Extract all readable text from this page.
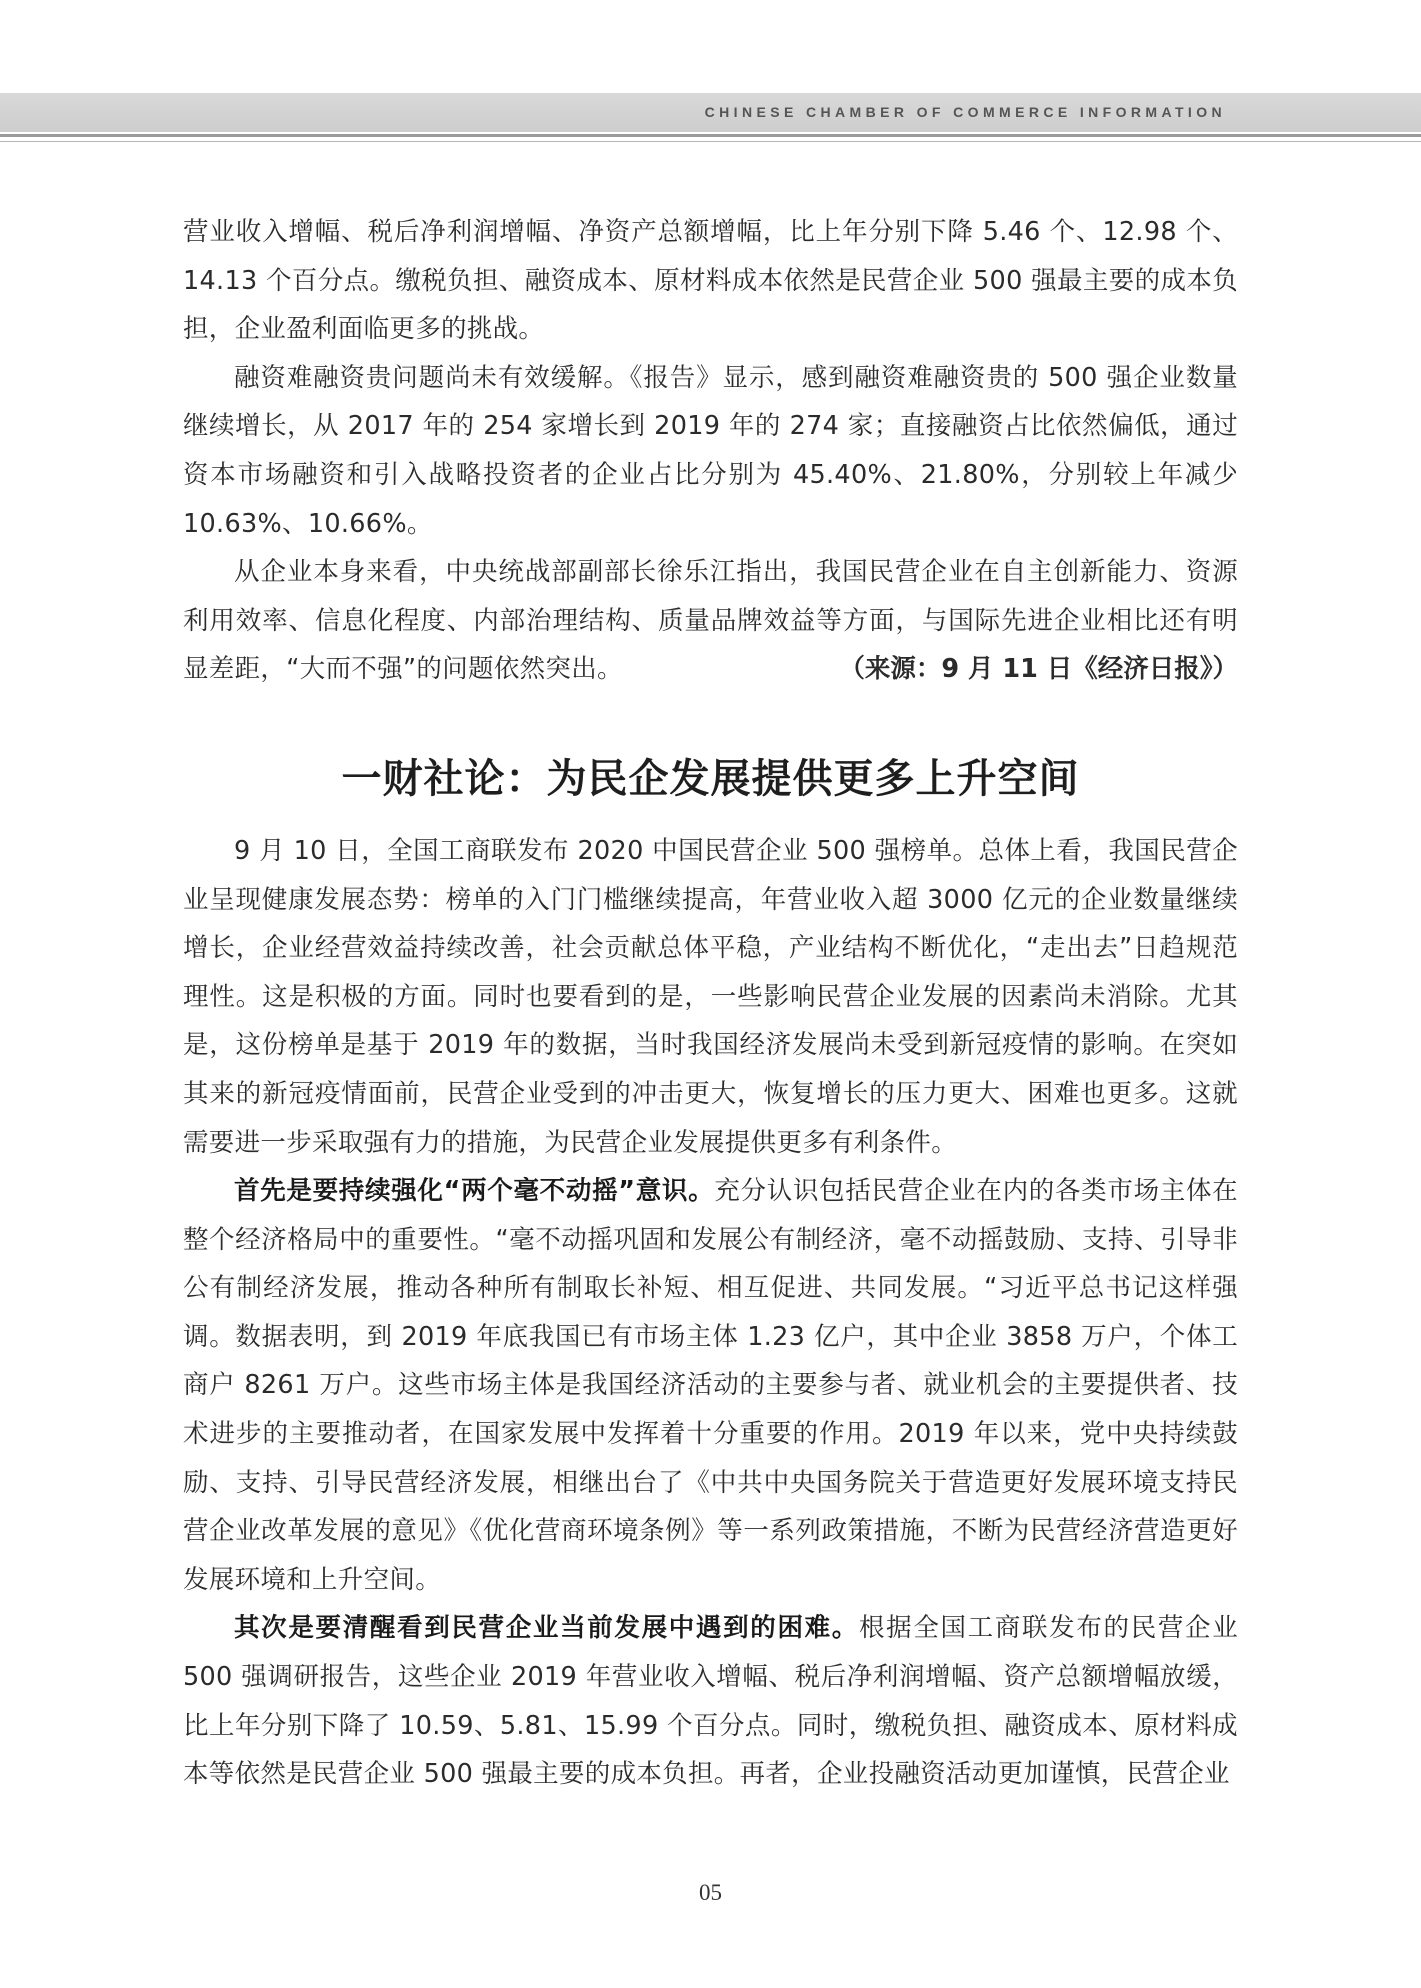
CHINESE CHAMBER OF COMMERCE INFORMATION

营业收入增幅、税后净利润增幅、净资产总额增幅，比上年分别下降 5.46 个、12.98 个、14.13 个百分点。缴税负担、融资成本、原材料成本依然是民营企业 500 强最主要的成本负担，企业盈利面临更多的挑战。

融资难融资贵问题尚未有效缓解。《报告》显示，感到融资难融资贵的 500 强企业数量继续增长，从 2017 年的 254 家增长到 2019 年的 274 家；直接融资占比依然偏低，通过资本市场融资和引入战略投资者的企业占比分别为 45.40%、21.80%，分别较上年减少 10.63%、10.66%。

从企业本身来看，中央统战部副部长徐乐江指出，我国民营企业在自主创新能力、资源利用效率、信息化程度、内部治理结构、质量品牌效益等方面，与国际先进企业相比还有明显差距，“大而不强”的问题依然突出。	（来源：9 月 11 日《经济日报》）
一财社论：为民企发展提供更多上升空间

9 月 10 日，全国工商联发布 2020 中国民营企业 500 强榜单。总体上看，我国民营企业呈现健康发展态势：榜单的入门门槛继续提高，年营业收入超 3000 亿元的企业数量继续增长，企业经营效益持续改善，社会贡献总体平稳，产业结构不断优化，“走出去”日趋规范理性。这是积极的方面。同时也要看到的是，一些影响民营企业发展的因素尚未消除。尤其是，这份榜单是基于 2019 年的数据，当时我国经济发展尚未受到新冠疫情的影响。在突如其来的新冠疫情面前，民营企业受到的冲击更大，恢复增长的压力更大、困难也更多。这就需要进一步采取强有力的措施，为民营企业发展提供更多有利条件。

首先是要持续强化“两个毫不动摇”意识。充分认识包括民营企业在内的各类市场主体在整个经济格局中的重要性。“毫不动摇巩固和发展公有制经济，毫不动摇鼓励、支持、引导非公有制经济发展，推动各种所有制取长补短、相互促进、共同发展。“习近平总书记这样强调。数据表明，到 2019 年底我国已有市场主体 1.23 亿户，其中企业 3858 万户，个体工商户 8261 万户。这些市场主体是我国经济活动的主要参与者、就业机会的主要提供者、技术进步的主要推动者，在国家发展中发挥着十分重要的作用。2019 年以来，党中央持续鼓励、支持、引导民营经济发展，相继出台了《中共中央国务院关于营造更好发展环境支持民营企业改革发展的意见》《优化营商环境条例》等一系列政策措施，不断为民营经济营造更好发展环境和上升空间。

其次是要清醒看到民营企业当前发展中遇到的困难。根据全国工商联发布的民营企业 500 强调研报告，这些企业 2019 年营业收入增幅、税后净利润增幅、资产总额增幅放缓，比上年分别下降了 10.59、5.81、15.99 个百分点。同时，缴税负担、融资成本、原材料成本等依然是民营企业 500 强最主要的成本负担。再者，企业投融资活动更加谨慎，民营企业

05
